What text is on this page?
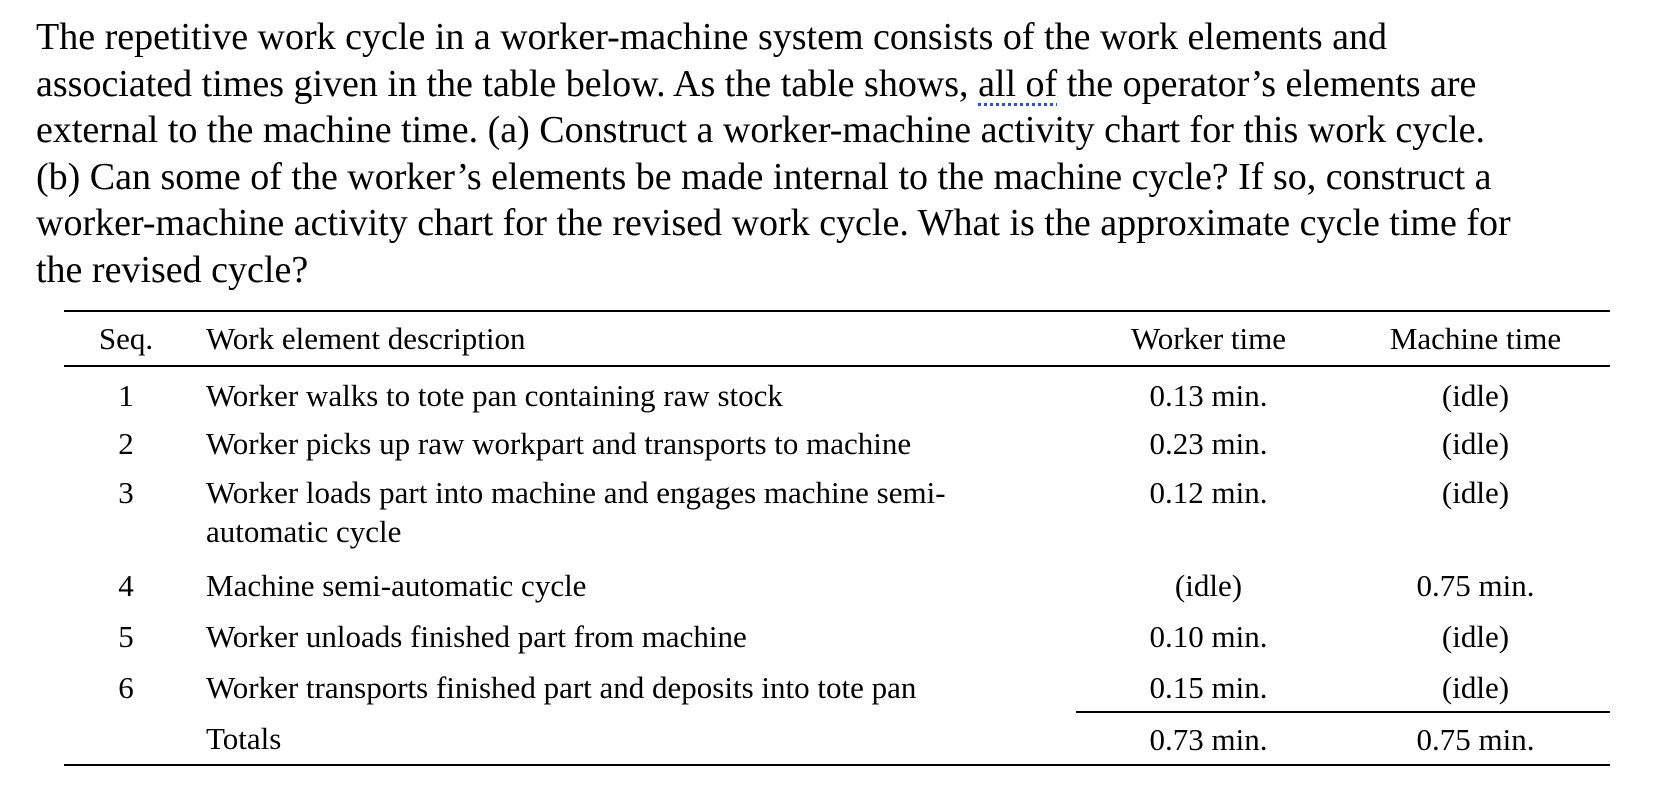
The repetitive work cycle in a worker-machine system consists of the work elements and
associated times given in the table below. As the table shows, all of the operator’s elements are
external to the machine time. (a) Construct a worker-machine activity chart for this work cycle.
(b) Can some of the worker’s elements be made internal to the machine cycle? If so, construct a
worker-machine activity chart for the revised work cycle. What is the approximate cycle time for
the revised cycle?

Seq.	Work element description	Worker time	Machine time
1	Worker walks to tote pan containing raw stock	0.13 min.	(idle)
2	Worker picks up raw workpart and transports to machine	0.23 min.	(idle)
3	Worker loads part into machine and engages machine semi-
automatic cycle	0.12 min.	(idle)
4	Machine semi-automatic cycle	(idle)	0.75 min.
5	Worker unloads finished part from machine	0.10 min.	(idle)
6	Worker transports finished part and deposits into tote pan	0.15 min.	(idle)
	Totals	0.73 min.	0.75 min.
